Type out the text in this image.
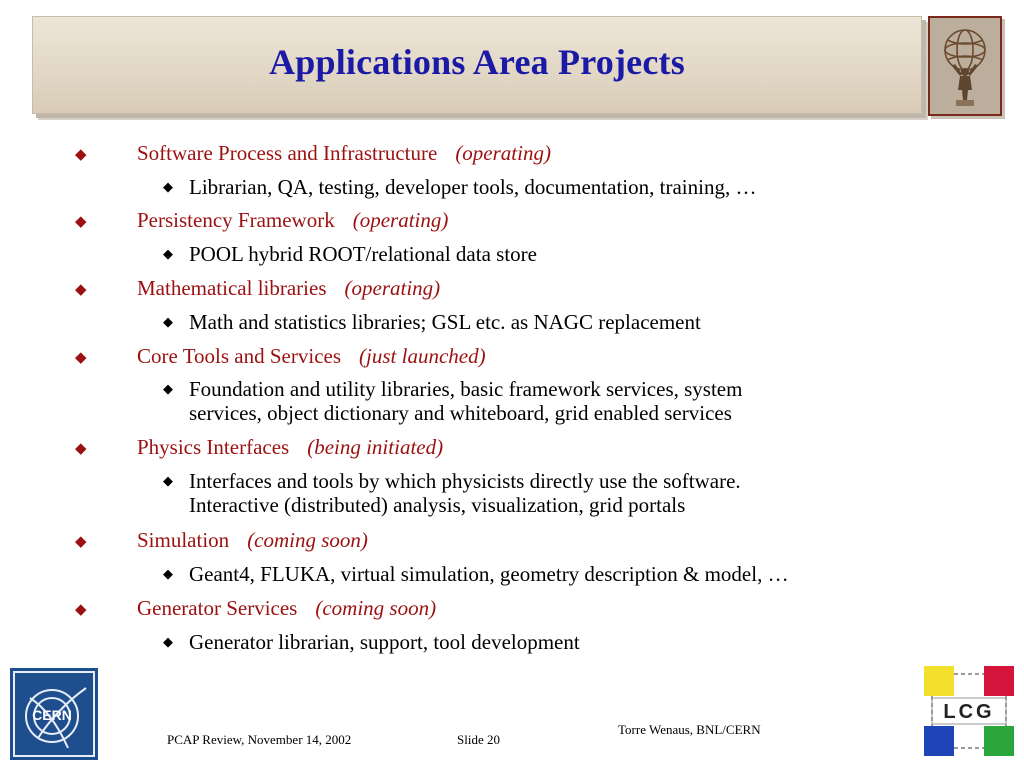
Applications Area Projects
◆ Software Process and Infrastructure (operating)
◆ Librarian, QA, testing, developer tools, documentation, training, …
◆ Persistency Framework (operating)
◆ POOL hybrid ROOT/relational data store
◆ Mathematical libraries (operating)
◆ Math and statistics libraries; GSL etc. as NAGC replacement
◆ Core Tools and Services (just launched)
◆ Foundation and utility libraries, basic framework services, system
services, object dictionary and whiteboard, grid enabled services
◆ Physics Interfaces (being initiated)
◆ Interfaces and tools by which physicists directly use the software.
Interactive (distributed) analysis, visualization, grid portals
◆ Simulation (coming soon)
◆ Geant4, FLUKA, virtual simulation, geometry description & model, …
◆ Generator Services (coming soon)
◆ Generator librarian, support, tool development
CERN
PCAP Review, November 14, 2002	Slide 20
Torre Wenaus, BNL/CERN
LCG
